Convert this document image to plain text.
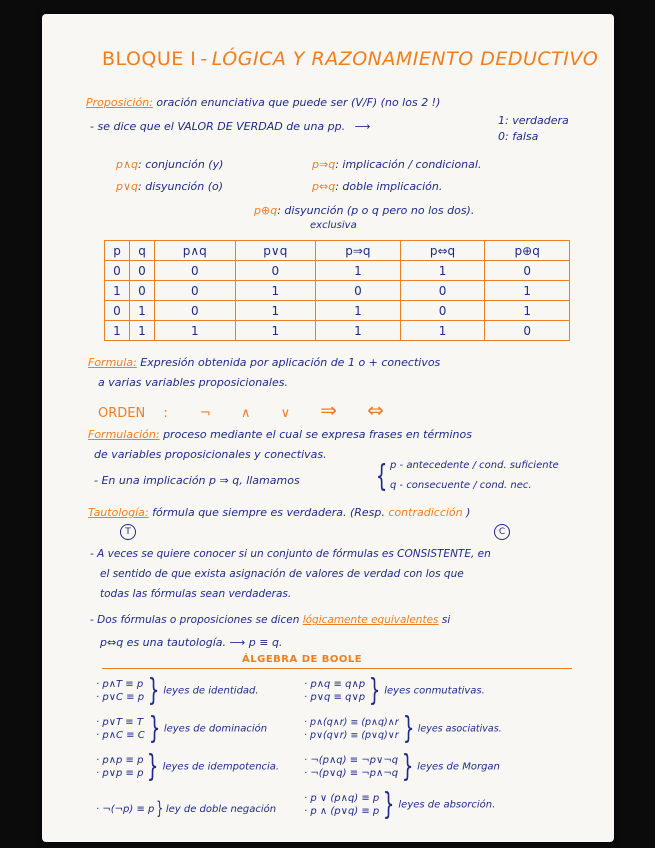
BLOQUE I - LÓGICA Y RAZONAMIENTO DEDUCTIVO
Proposición: oración enunciativa que puede ser (V/F) (no los 2 !)
- se dice que el VALOR DE VERDAD de una pp. ⟶	1: verdadera
0: falsa
p∧q: conjunción (y)	p⇒q: implicación / condicional.
p∨q: disyunción (o)	p⇔q: doble implicación.
p⊕q: disyunción (p o q pero no los dos).
exclusiva
p	q	p∧q	p∨q	p⇒q	p⇔q	p⊕q
0	0	0	0	1	1	0
1	0	0	1	0	0	1
0	1	0	1	1	0	1
1	1	1	1	1	1	0
Formula: Expresión obtenida por aplicación de 1 o + conectivos
a varias variables proposicionales.
ORDEN : ¬ ∧ ∨ ⇒ ⇔
Formulación: proceso mediante el cual se expresa frases en términos
de variables proposicionales y conectivas.
- En una implicación p ⇒ q, llamamos	{ p - antecedente / cond. suficiente
q - consecuente / cond. nec.
Tautología: fórmula que siempre es verdadera. (Resp. contradicción )
T	C
- A veces se quiere conocer si un conjunto de fórmulas es CONSISTENTE, en
el sentido de que exista asignación de valores de verdad con los que
todas las fórmulas sean verdaderas.
- Dos fórmulas o proposiciones se dicen lógicamente equivalentes si
p⇔q es una tautología. ⟶ p ≡ q.
ÁLGEBRA DE BOOLE
· p∧T ≡ p
· p∨C ≡ p } leyes de identidad.
· p∨T ≡ T
· p∧C ≡ C } leyes de dominación
· p∧p ≡ p
· p∨p ≡ p } leyes de idempotencia.
· ¬(¬p) ≡ p } ley de doble negación
· p∧q ≡ q∧p
· p∨q ≡ q∨p } leyes conmutativas.
· p∧(q∧r) ≡ (p∧q)∧r
· p∨(q∨r) ≡ (p∨q)∨r } leyes asociativas.
· ¬(p∧q) ≡ ¬p∨¬q
· ¬(p∨q) ≡ ¬p∧¬q } leyes de Morgan
· p ∨ (p∧q) ≡ p
· p ∧ (p∨q) ≡ p } leyes de absorción.
